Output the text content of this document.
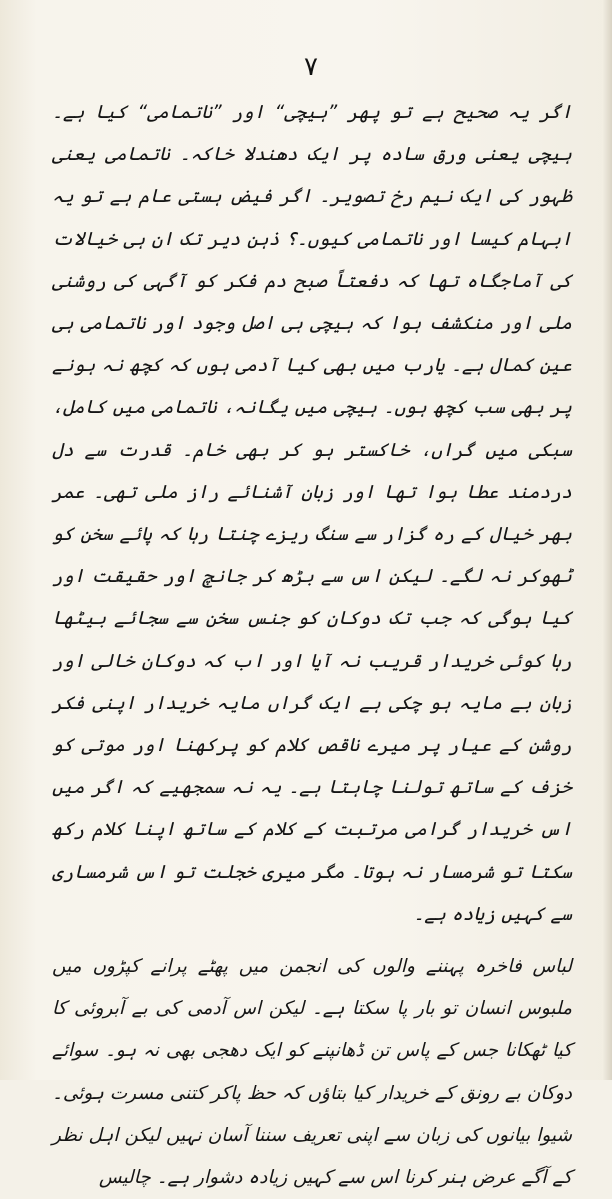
۷

اگر یہ صحیح ہے تو پھر ”ہیچی“ اور ”ناتمامی“ کیا ہے۔ ہیچی یعنی ورق سادہ پر ایک دھندلا خاکہ۔ ناتمامی یعنی ظہور کی ایک نیم رخ تصویر۔ اگر فیض ہستی عام ہے تو یہ ابہام کیسا اور ناتمامی کیوں۔؟ ذہن دیر تک ان ہی خیالات کی آماجگاہ تھا کہ دفعتاً صبح دم فکر کو آگہی کی روشنی ملی اور منکشف ہوا کہ ہیچی ہی اصل وجود اور ناتمامی ہی عین کمال ہے۔ یارب میں بھی کیا آدمی ہوں کہ کچھ نہ ہونے پر بھی سب کچھ ہوں۔ ہیچی میں یگانہ، ناتمامی میں کامل، سبکی میں گراں، خاکستر ہو کر بھی خام۔ قدرت سے دل دردمند عطا ہوا تھا اور زبان آشنائے راز ملی تھی۔ عمر بھر خیال کے رہ گزار سے سنگ ریزے چنتا رہا کہ پائے سخن کو ٹھوکر نہ لگے۔ لیکن اس سے بڑھ کر جانچ اور حقیقت اور کیا ہوگی کہ جب تک دوکان کو جنس سخن سے سجائے بیٹھا رہا کوئی خریدار قریب نہ آیا اور اب کہ دوکان خالی اور زبان بے مایہ ہو چکی ہے ایک گراں مایہ خریدار اپنی فکر روشن کے عیار پر میرے ناقص کلام کو پرکھنا اور موتی کو خزف کے ساتھ تولنا چاہتا ہے۔ یہ نہ سمجھیے کہ اگر میں اس خریدار گرامی مرتبت کے کلام کے ساتھ اپنا کلام رکھ سکتا تو شرمسار نہ ہوتا۔ مگر میری خجلت تو اس شرمساری سے کہیں زیادہ ہے۔

لباس فاخرہ پہننے والوں کی انجمن میں پھٹے پرانے کپڑوں میں ملبوس انسان تو بار پا سکتا ہے۔ لیکن اس آدمی کی بے آبروئی کا کیا ٹھکانا جس کے پاس تن ڈھانپنے کو ایک دھجی بھی نہ ہو۔ سوائے دوکان بے رونق کے خریدار کیا بتاؤں کہ حظ پاکر کتنی مسرت ہوئی۔ شیوا بیانوں کی زبان سے اپنی تعریف سننا آسان نہیں لیکن اہل نظر کے آگے عرض ہنر کرنا اس سے کہیں زیادہ دشوار ہے۔ چالیس
